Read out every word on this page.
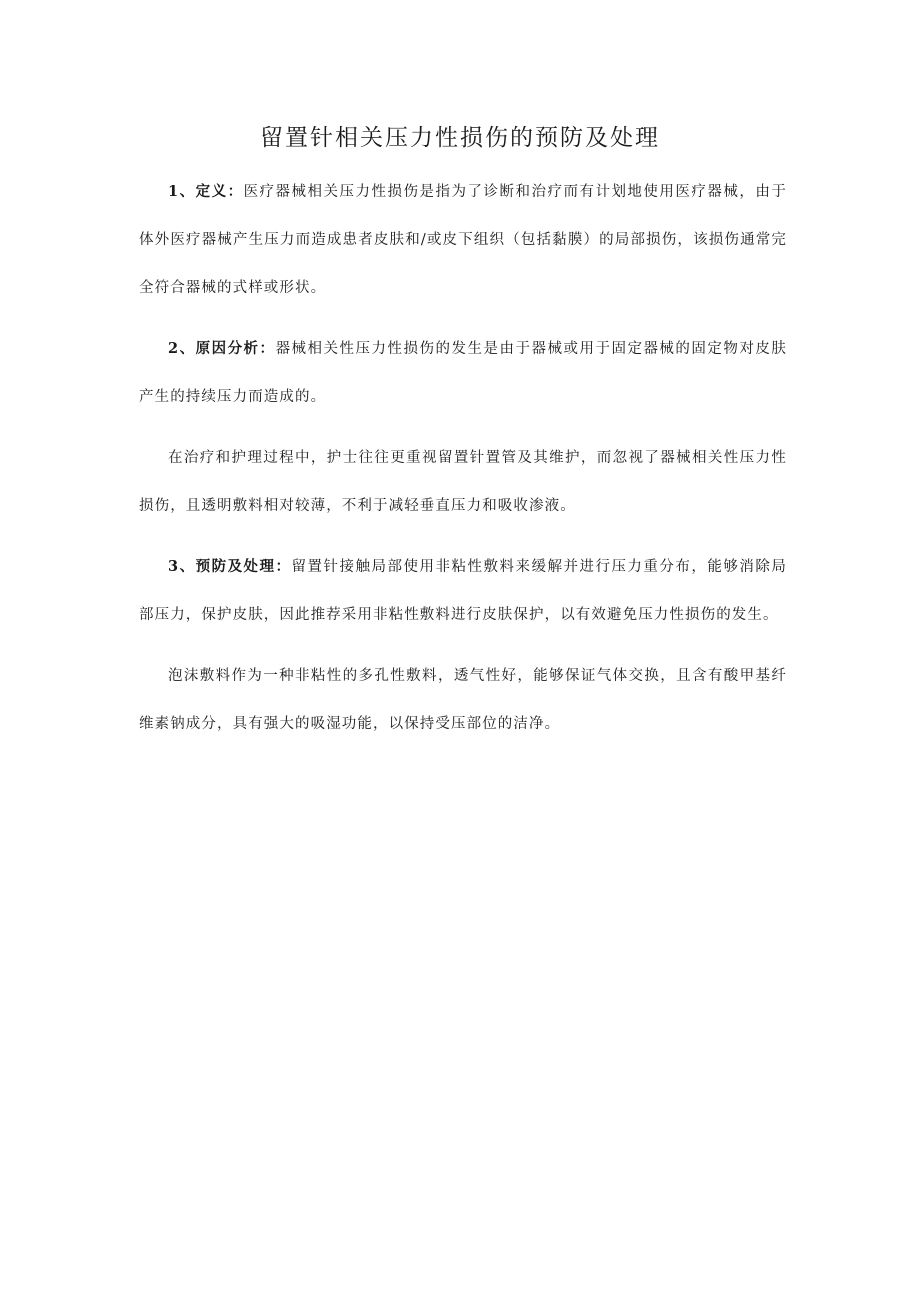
留置针相关压力性损伤的预防及处理

1、定义：医疗器械相关压力性损伤是指为了诊断和治疗而有计划地使用医疗器械，由于体外医疗器械产生压力而造成患者皮肤和/或皮下组织（包括黏膜）的局部损伤，该损伤通常完全符合器械的式样或形状。

2、原因分析：器械相关性压力性损伤的发生是由于器械或用于固定器械的固定物对皮肤产生的持续压力而造成的。

在治疗和护理过程中，护士往往更重视留置针置管及其维护，而忽视了器械相关性压力性损伤，且透明敷料相对较薄，不利于减轻垂直压力和吸收渗液。

3、预防及处理：留置针接触局部使用非粘性敷料来缓解并进行压力重分布，能够消除局部压力，保护皮肤，因此推荐采用非粘性敷料进行皮肤保护，以有效避免压力性损伤的发生。

泡沫敷料作为一种非粘性的多孔性敷料，透气性好，能够保证气体交换，且含有酸甲基纤维素钠成分，具有强大的吸湿功能，以保持受压部位的洁净。
